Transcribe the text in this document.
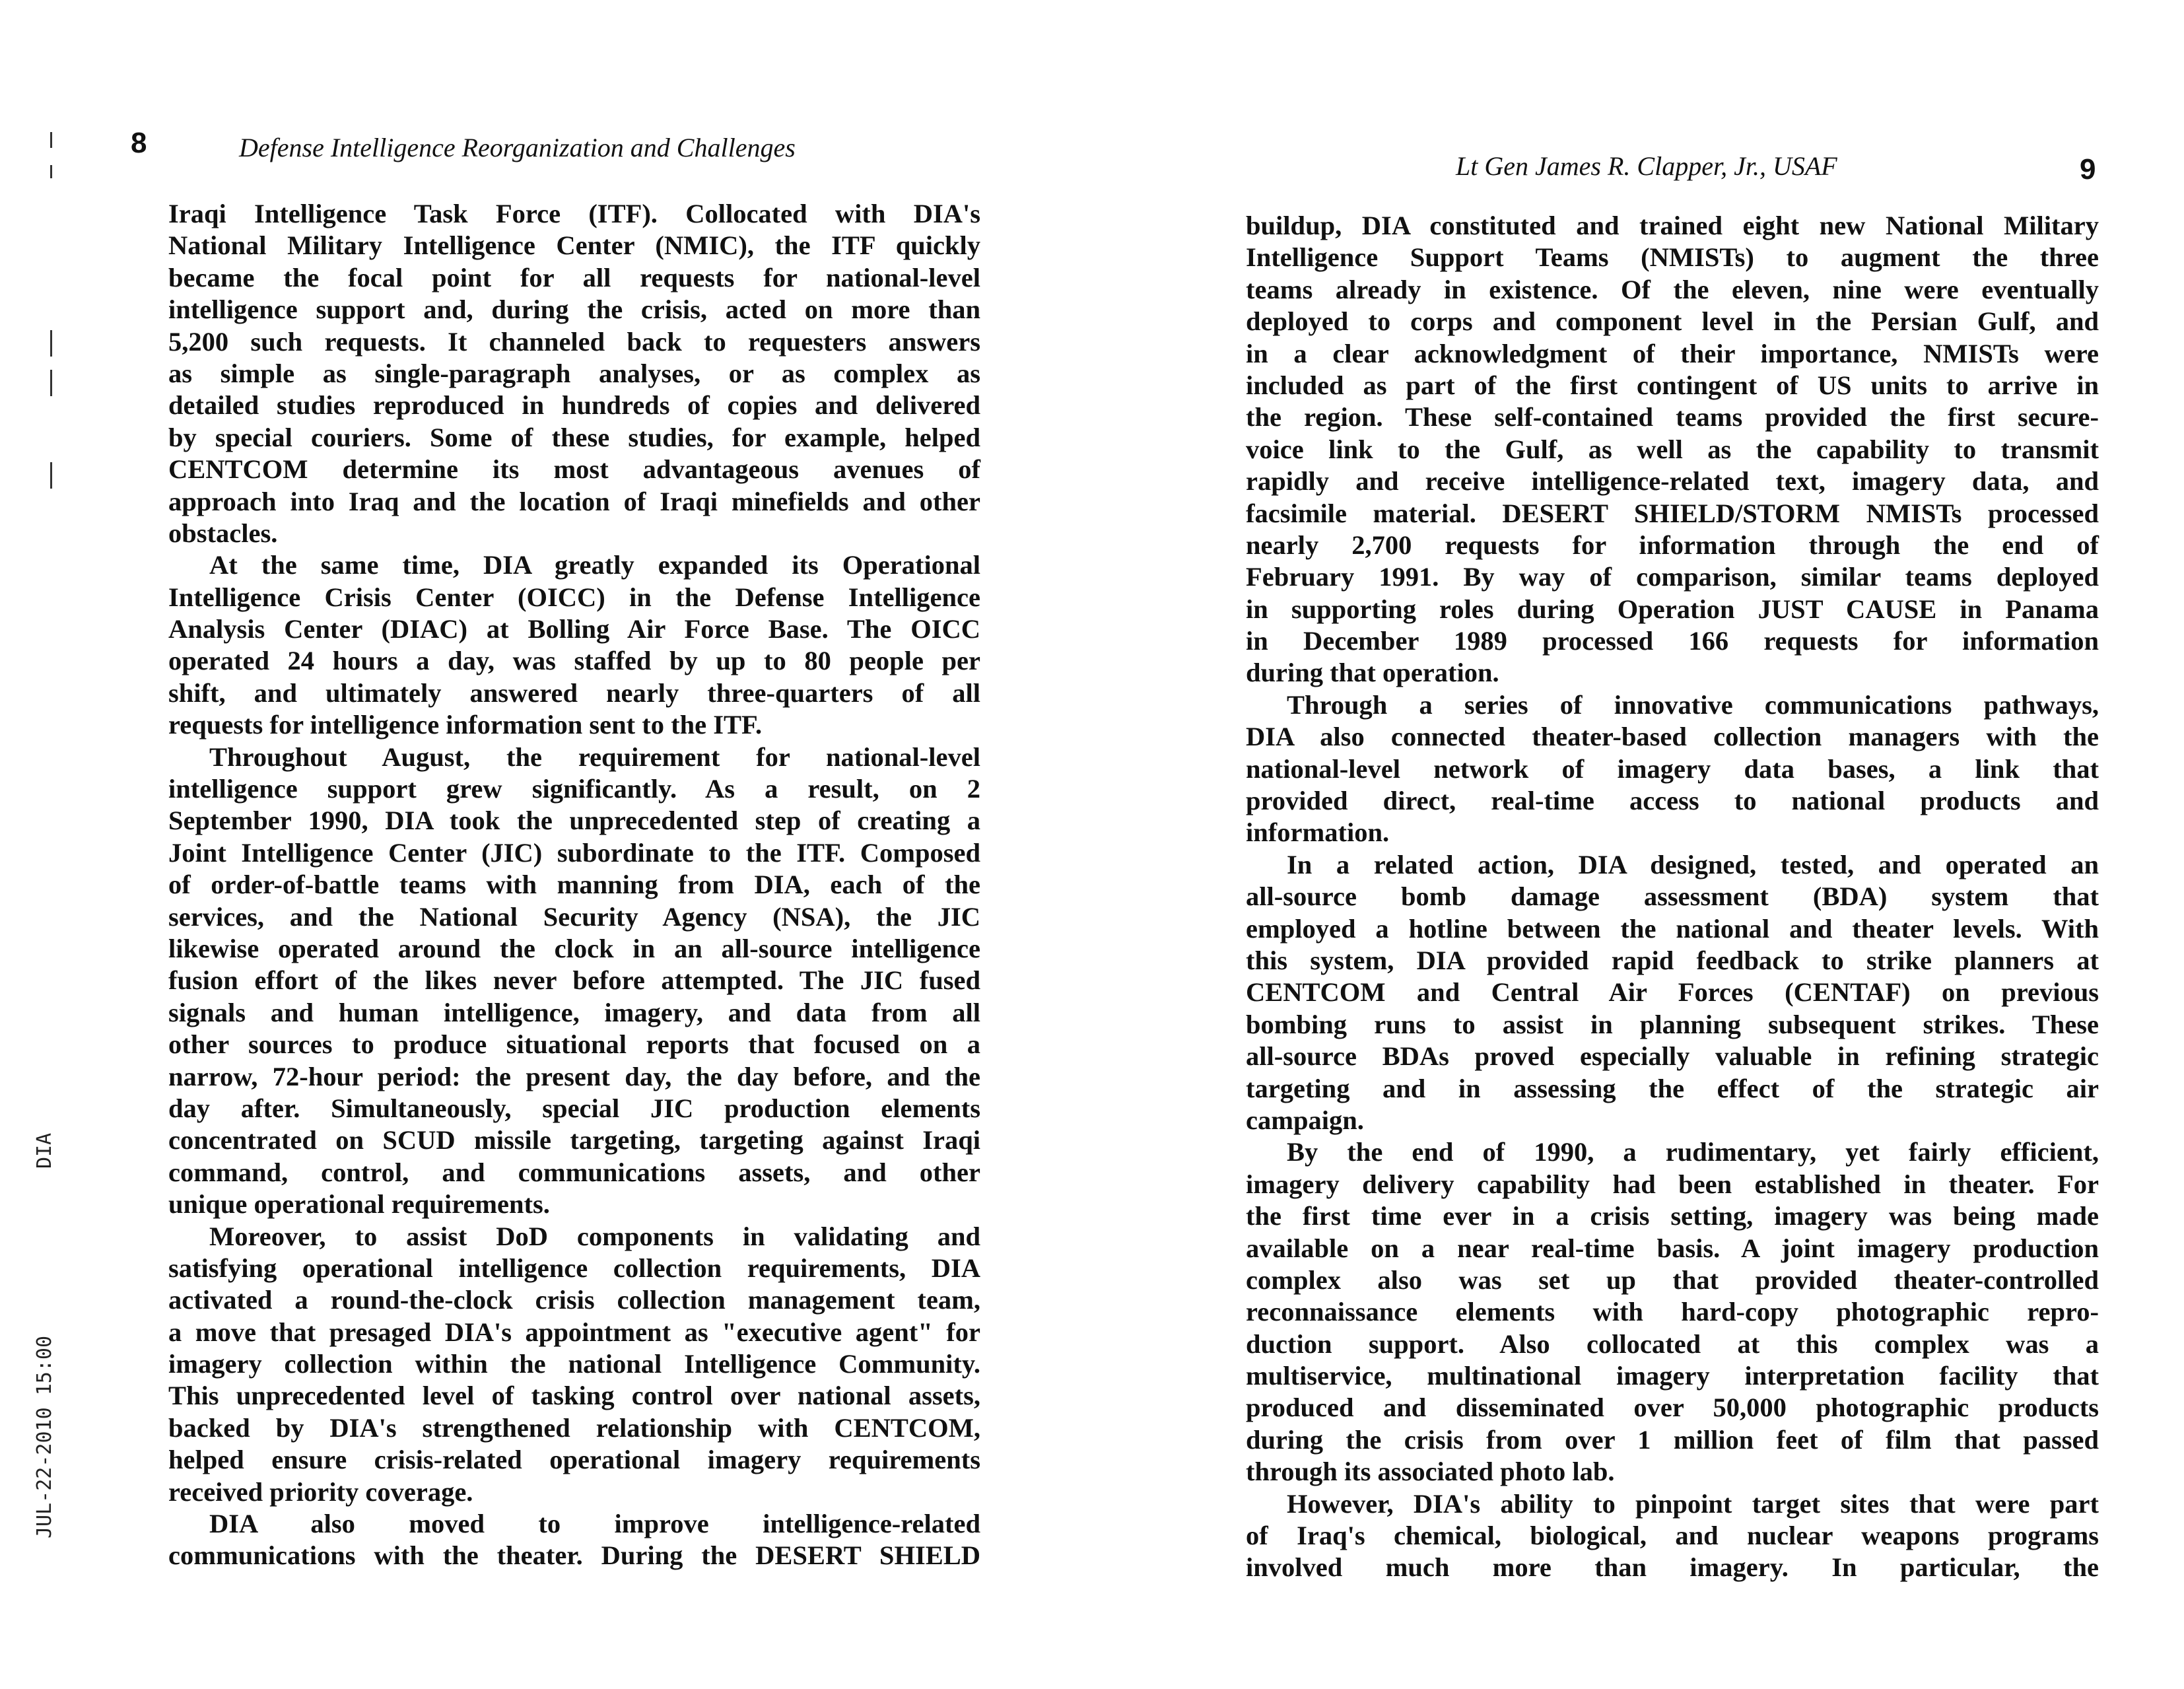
DIA
JUL-22-2010 15:00
8	Defense Intelligence Reorganization and Challenges
Lt Gen James R. Clapper, Jr., USAF	9
Iraqi Intelligence Task Force (ITF). Collocated with DIA's
National Military Intelligence Center (NMIC), the ITF quickly
became the focal point for all requests for national-level
intelligence support and, during the crisis, acted on more than
5,200 such requests. It channeled back to requesters answers
as simple as single-paragraph analyses, or as complex as
detailed studies reproduced in hundreds of copies and delivered
by special couriers. Some of these studies, for example, helped
CENTCOM determine its most advantageous avenues of
approach into Iraq and the location of Iraqi minefields and other
obstacles.
At the same time, DIA greatly expanded its Operational
Intelligence Crisis Center (OICC) in the Defense Intelligence
Analysis Center (DIAC) at Bolling Air Force Base. The OICC
operated 24 hours a day, was staffed by up to 80 people per
shift, and ultimately answered nearly three-quarters of all
requests for intelligence information sent to the ITF.
Throughout August, the requirement for national-level
intelligence support grew significantly. As a result, on 2
September 1990, DIA took the unprecedented step of creating a
Joint Intelligence Center (JIC) subordinate to the ITF. Composed
of order-of-battle teams with manning from DIA, each of the
services, and the National Security Agency (NSA), the JIC
likewise operated around the clock in an all-source intelligence
fusion effort of the likes never before attempted. The JIC fused
signals and human intelligence, imagery, and data from all
other sources to produce situational reports that focused on a
narrow, 72-hour period: the present day, the day before, and the
day after. Simultaneously, special JIC production elements
concentrated on SCUD missile targeting, targeting against Iraqi
command, control, and communications assets, and other
unique operational requirements.
Moreover, to assist DoD components in validating and
satisfying operational intelligence collection requirements, DIA
activated a round-the-clock crisis collection management team,
a move that presaged DIA's appointment as "executive agent" for
imagery collection within the national Intelligence Community.
This unprecedented level of tasking control over national assets,
backed by DIA's strengthened relationship with CENTCOM,
helped ensure crisis-related operational imagery requirements
received priority coverage.
DIA also moved to improve intelligence-related
communications with the theater. During the DESERT SHIELD
buildup, DIA constituted and trained eight new National Military
Intelligence Support Teams (NMISTs) to augment the three
teams already in existence. Of the eleven, nine were eventually
deployed to corps and component level in the Persian Gulf, and
in a clear acknowledgment of their importance, NMISTs were
included as part of the first contingent of US units to arrive in
the region. These self-contained teams provided the first secure-
voice link to the Gulf, as well as the capability to transmit
rapidly and receive intelligence-related text, imagery data, and
facsimile material. DESERT SHIELD/STORM NMISTs processed
nearly 2,700 requests for information through the end of
February 1991. By way of comparison, similar teams deployed
in supporting roles during Operation JUST CAUSE in Panama
in December 1989 processed 166 requests for information
during that operation.
Through a series of innovative communications pathways,
DIA also connected theater-based collection managers with the
national-level network of imagery data bases, a link that
provided direct, real-time access to national products and
information.
In a related action, DIA designed, tested, and operated an
all-source bomb damage assessment (BDA) system that
employed a hotline between the national and theater levels. With
this system, DIA provided rapid feedback to strike planners at
CENTCOM and Central Air Forces (CENTAF) on previous
bombing runs to assist in planning subsequent strikes. These
all-source BDAs proved especially valuable in refining strategic
targeting and in assessing the effect of the strategic air
campaign.
By the end of 1990, a rudimentary, yet fairly efficient,
imagery delivery capability had been established in theater. For
the first time ever in a crisis setting, imagery was being made
available on a near real-time basis. A joint imagery production
complex also was set up that provided theater-controlled
reconnaissance elements with hard-copy photographic repro-
duction support. Also collocated at this complex was a
multiservice, multinational imagery interpretation facility that
produced and disseminated over 50,000 photographic products
during the crisis from over 1 million feet of film that passed
through its associated photo lab.
However, DIA's ability to pinpoint target sites that were part
of Iraq's chemical, biological, and nuclear weapons programs
involved much more than imagery. In particular, the
